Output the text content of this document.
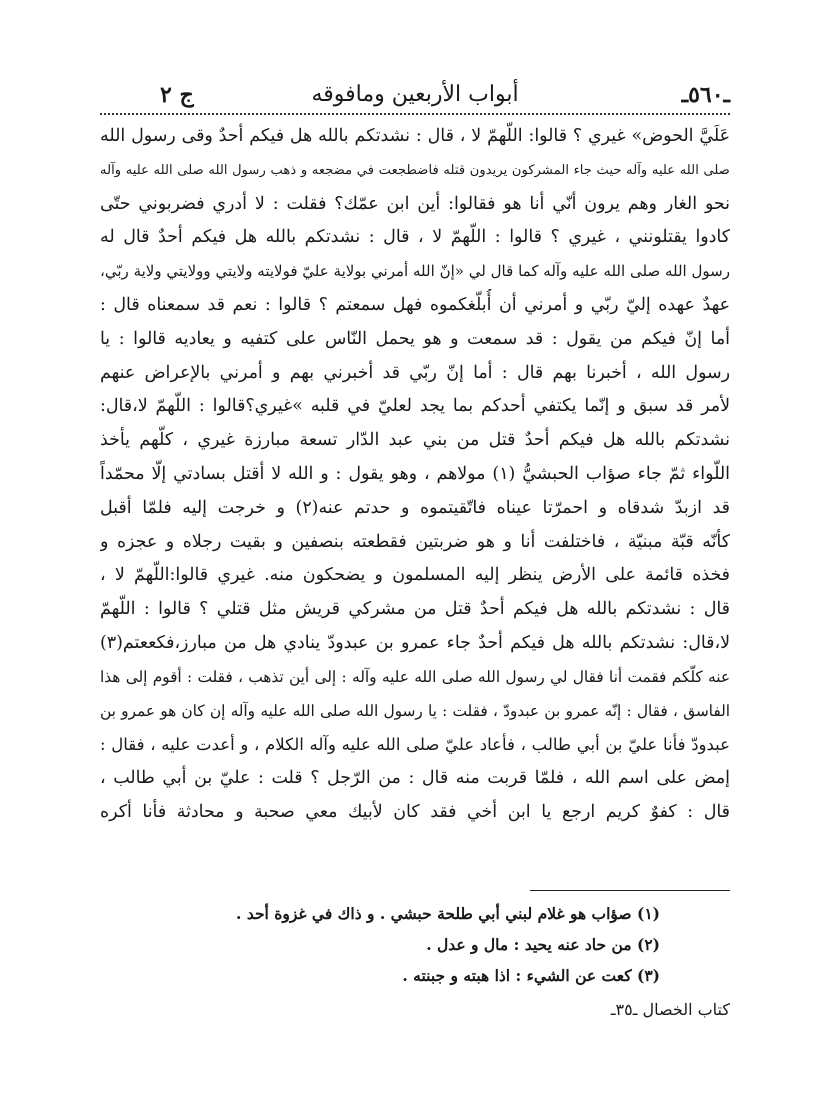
ـ٥٦٠ـ
أبواب الأربعين ومافوقه
ج ٢
عَلَيَّ الحوض» غيري ؟ قالوا: اللّهمّ لا ، قال : نشدتكم بالله هل فيكم أحدٌ وقى رسول الله
صلى الله عليه وآله حيث جاء المشركون يريدون قتله فاضطجعت في مضجعه و ذهب رسول الله صلى الله عليه وآله
نحو الغار وهم يرون أنّي أنا هو فقالوا: أين ابن عمّك؟ فقلت : لا أدري فضربوني حتّى
كادوا يقتلونني ، غيري ؟ قالوا : اللّهمّ لا ، قال : نشدتكم بالله هل فيكم أحدٌ قال له
رسول الله صلى الله عليه وآله كما قال لي «إنّ الله أمرني بولاية عليّ فولايته ولايتي وولايتي ولاية ربّي،
عهدٌ عهده إليّ ربّي و أمرني أن أُبلّغكموه فهل سمعتم ؟ قالوا : نعم قد سمعناه قال :
أما إنّ فيكم من يقول : قد سمعت و هو يحمل النّاس على كتفيه و يعاديه قالوا : يا
رسول الله ، أخبرنا بهم قال : أما إنّ ربّي قد أخبرني بهم و أمرني بالإعراض عنهم
لأمر قد سبق و إنّما يكتفي أحدكم بما يجد لعليّ في قلبه »غيري؟قالوا : اللّهمّ لا،قال:
نشدتكم بالله هل فيكم أحدٌ قتل من بني عبد الدّار تسعة مبارزة غيري ، كلّهم يأخذ
اللّواء ثمّ جاء صؤاب الحبشيُّ (١) مولاهم ، وهو يقول : و الله لا أقتل بسادتي إلّا محمّداً
قد ازبدّ شدقاه و احمرّتا عيناه فاتّقيتموه و حدتم عنه(٢) و خرجت إليه فلمّا أقبل
كأنّه قبّة مبنيّة ، فاختلفت أنا و هو ضربتين فقطعته بنصفين و بقيت رجلاه و عجزه و
فخذه قائمة على الأرض ينظر إليه المسلمون و يضحكون منه. غيري قالوا:اللّهمّ لا ،
قال : نشدتكم بالله هل فيكم أحدٌ قتل من مشركي قريش مثل قتلي ؟ قالوا : اللّهمّ
لا،قال: نشدتكم بالله هل فيكم أحدٌ جاء عمرو بن عبدودّ ينادي هل من مبارز،فكععتم(٣)
عنه كلّكم فقمت أنا فقال لي رسول الله صلى الله عليه وآله : إلى أين تذهب ، فقلت : أقوم إلى هذا
الفاسق ، فقال : إنّه عمرو بن عبدودّ ، فقلت : يا رسول الله صلى الله عليه وآله إن كان هو عمرو بن
عبدودّ فأنا عليّ بن أبي طالب ، فأعاد عليّ صلى الله عليه وآله الكلام ، و أعدت عليه ، فقال :
إمض على اسم الله ، فلمّا قربت منه قال : من الرّجل ؟ قلت : عليّ بن أبي طالب ،
قال : كفوٌ كريم ارجع يا ابن أخي فقد كان لأبيك معي صحبة و محادثة فأنا أكره
(١) صؤاب هو غلام لبني أبي طلحة حبشي . و ذاك في غزوة أحد .
(٢) من حاد عنه يحيد : مال و عدل .
(٣) كعت عن الشيء : اذا هبته و جبنته .
كتاب الخصال ـ٣٥ـ
